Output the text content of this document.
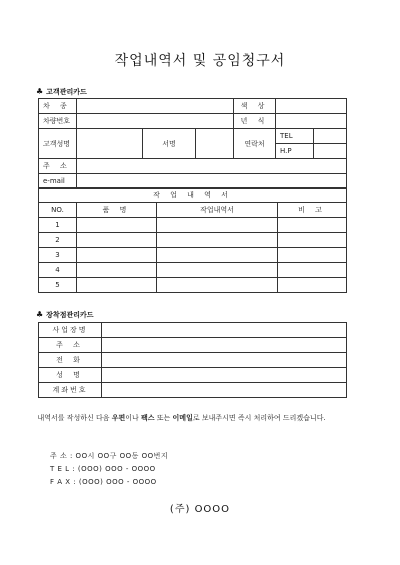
작업내역서 및 공임청구서
♣ 고객관리카드
차 종				색 상		
차량번호				년 식		
고객성명		서명		연락처	TEL	
					H.P	
주 소						
e-mail						
작 업 내 역 서			
NO.	품 명	작업내역서	비 고
1			
2			
3			
4			
5			
♣ 장착점관리카드
사업장명	
주 소	
전 화	
성 명	
계좌번호	
내역서를 작성하신 다음 우편이나 팩스 또는 이메일로 보내주시면 즉시 처리하여 드리겠습니다.
주 소 : OO시 OO구 OO동 OO번지
T E L : (OOO) OOO - OOOO
F A X : (OOO) OOO - OOOO
(주) OOOO
